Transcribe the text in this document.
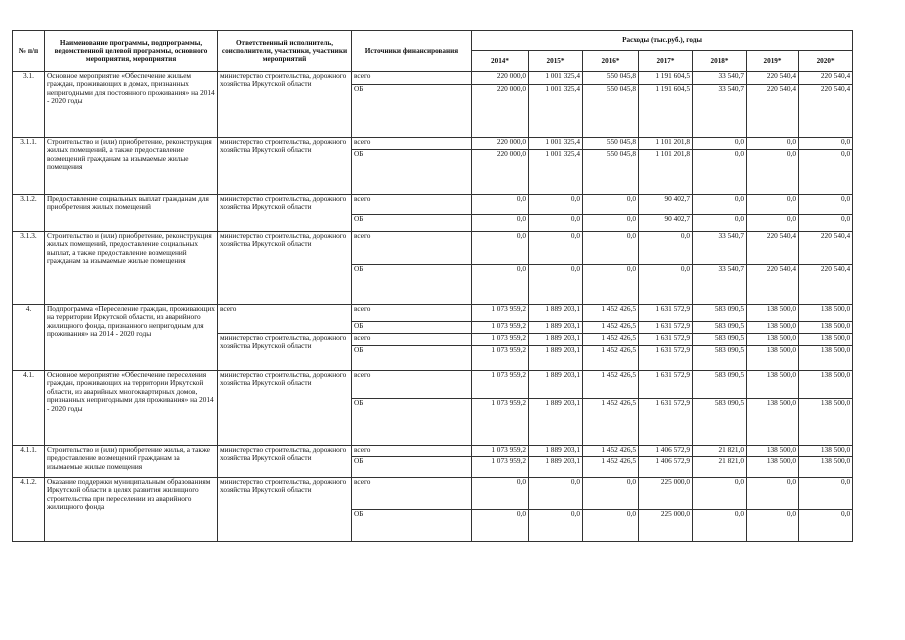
№ п/п	Наименование программы, подпрограммы, ведомственной целевой программы, основного мероприятия, мероприятия	Ответственный исполнитель, соисполнители, участники, участники мероприятий	Источники финансирования	Расходы (тыс.руб.), годы						
				2014*	2015*	2016*	2017*	2018*	2019*	2020*
3.1.	Основное мероприятие «Обеспечение жильем граждан, проживающих в домах, признанных непригодными для постоянного проживания» на 2014 - 2020 годы	министерство строительства, дорожного хозяйства Иркутской области	всего	220 000,0	1 001 325,4	550 045,8	1 191 604,5	33 540,7	220 540,4	220 540,4
			ОБ	220 000,0	1 001 325,4	550 045,8	1 191 604,5	33 540,7	220 540,4	220 540,4
3.1.1.	Строительство и (или) приобретение, реконструкция жилых помещений, а также предоставление возмещений гражданам за изымаемые жилые помещения	министерство строительства, дорожного хозяйства Иркутской области	всего	220 000,0	1 001 325,4	550 045,8	1 101 201,8	0,0	0,0	0,0
			ОБ	220 000,0	1 001 325,4	550 045,8	1 101 201,8	0,0	0,0	0,0
3.1.2.	Предоставление социальных выплат гражданам для приобретения жилых помещений	министерство строительства, дорожного хозяйства Иркутской области	всего	0,0	0,0	0,0	90 402,7	0,0	0,0	0,0
			ОБ	0,0	0,0	0,0	90 402,7	0,0	0,0	0,0
3.1.3.	Строительство и (или) приобретение, реконструкция жилых помещений, предоставление социальных выплат, а также предоставление возмещений гражданам за изымаемые жилые помещения	министерство строительства, дорожного хозяйства Иркутской области	всего	0,0	0,0	0,0	0,0	33 540,7	220 540,4	220 540,4
			ОБ	0,0	0,0	0,0	0,0	33 540,7	220 540,4	220 540,4
4.	Подпрограмма «Переселение граждан, проживающих на территории Иркутской области, из аварийного жилищного фонда, признанного непригодным для проживания» на 2014 - 2020 годы	всего	всего	1 073 959,2	1 889 203,1	1 452 426,5	1 631 572,9	583 090,5	138 500,0	138 500,0
			ОБ	1 073 959,2	1 889 203,1	1 452 426,5	1 631 572,9	583 090,5	138 500,0	138 500,0
		министерство строительства, дорожного хозяйства Иркутской области	всего	1 073 959,2	1 889 203,1	1 452 426,5	1 631 572,9	583 090,5	138 500,0	138 500,0
			ОБ	1 073 959,2	1 889 203,1	1 452 426,5	1 631 572,9	583 090,5	138 500,0	138 500,0
4.1.	Основное мероприятие «Обеспечение переселения граждан, проживающих на территории Иркутской области, из аварийных многоквартирных домов, признанных непригодными для проживания» на 2014 - 2020 годы	министерство строительства, дорожного хозяйства Иркутской области	всего	1 073 959,2	1 889 203,1	1 452 426,5	1 631 572,9	583 090,5	138 500,0	138 500,0
			ОБ	1 073 959,2	1 889 203,1	1 452 426,5	1 631 572,9	583 090,5	138 500,0	138 500,0
4.1.1.	Строительство и (или) приобретение жилья, а также предоставление возмещений гражданам за изымаемые жилые помещения	министерство строительства, дорожного хозяйства Иркутской области	всего	1 073 959,2	1 889 203,1	1 452 426,5	1 406 572,9	21 821,0	138 500,0	138 500,0
			ОБ	1 073 959,2	1 889 203,1	1 452 426,5	1 406 572,9	21 821,0	138 500,0	138 500,0
4.1.2.	Оказание поддержки муниципальным образованиям Иркутской области в целях развития жилищного строительства при переселении из аварийного жилищного фонда	министерство строительства, дорожного хозяйства Иркутской области	всего	0,0	0,0	0,0	225 000,0	0,0	0,0	0,0
			ОБ	0,0	0,0	0,0	225 000,0	0,0	0,0	0,0
